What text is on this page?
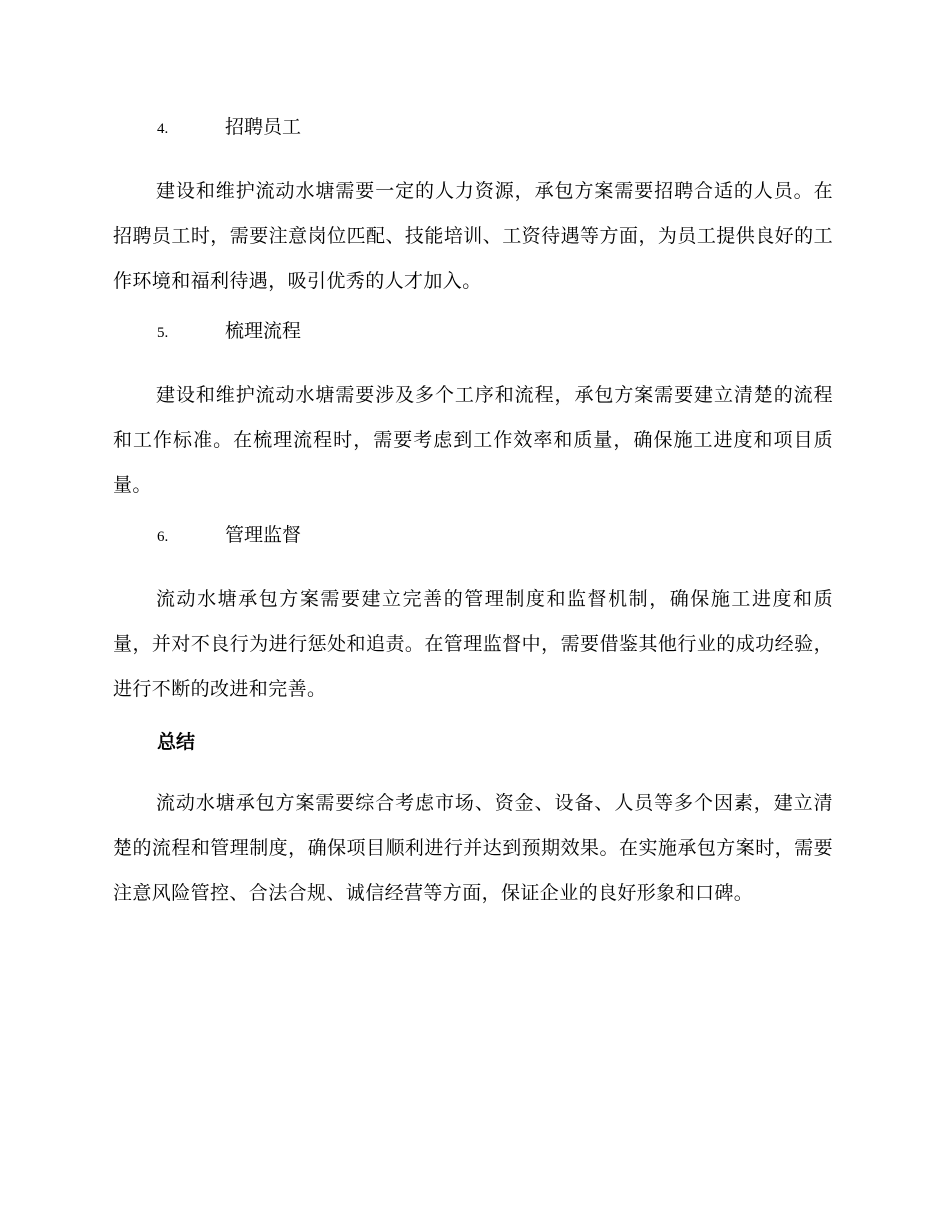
4.	招聘员工

建设和维护流动水塘需要一定的人力资源，承包方案需要招聘合适的人员。在招聘员工时，需要注意岗位匹配、技能培训、工资待遇等方面，为员工提供良好的工作环境和福利待遇，吸引优秀的人才加入。

5.	梳理流程

建设和维护流动水塘需要涉及多个工序和流程，承包方案需要建立清楚的流程和工作标准。在梳理流程时，需要考虑到工作效率和质量，确保施工进度和项目质量。

6.	管理监督

流动水塘承包方案需要建立完善的管理制度和监督机制，确保施工进度和质量，并对不良行为进行惩处和追责。在管理监督中，需要借鉴其他行业的成功经验，进行不断的改进和完善。

总结

流动水塘承包方案需要综合考虑市场、资金、设备、人员等多个因素，建立清楚的流程和管理制度，确保项目顺利进行并达到预期效果。在实施承包方案时，需要注意风险管控、合法合规、诚信经营等方面，保证企业的良好形象和口碑。
